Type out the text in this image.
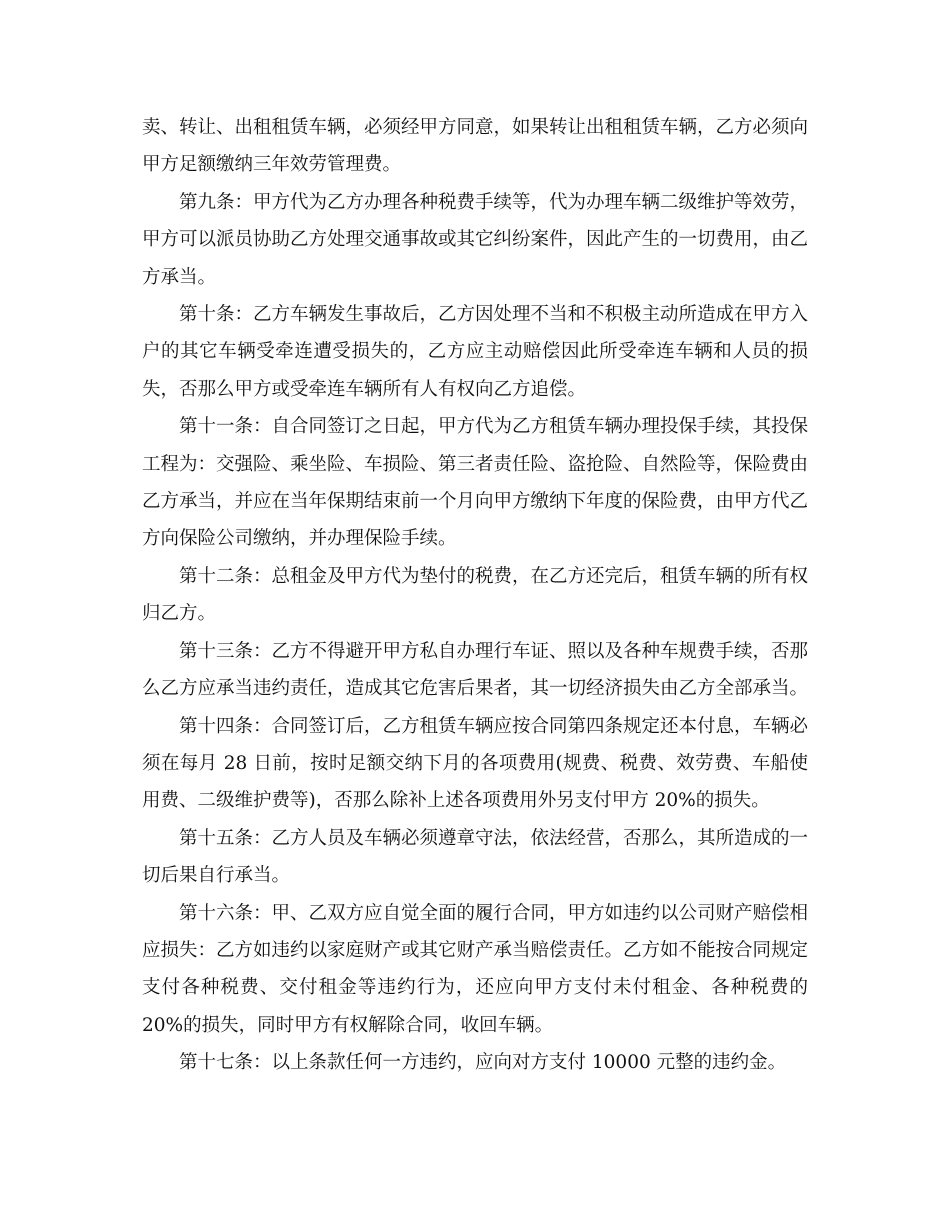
卖、转让、出租租赁车辆，必须经甲方同意，如果转让出租租赁车辆，乙方必须向甲方足额缴纳三年效劳管理费。

第九条：甲方代为乙方办理各种税费手续等，代为办理车辆二级维护等效劳，甲方可以派员协助乙方处理交通事故或其它纠纷案件，因此产生的一切费用，由乙方承当。

第十条：乙方车辆发生事故后，乙方因处理不当和不积极主动所造成在甲方入户的其它车辆受牵连遭受损失的，乙方应主动赔偿因此所受牵连车辆和人员的损失，否那么甲方或受牵连车辆所有人有权向乙方追偿。

第十一条：自合同签订之日起，甲方代为乙方租赁车辆办理投保手续，其投保工程为：交强险、乘坐险、车损险、第三者责任险、盗抢险、自然险等，保险费由乙方承当，并应在当年保期结束前一个月向甲方缴纳下年度的保险费，由甲方代乙方向保险公司缴纳，并办理保险手续。

第十二条：总租金及甲方代为垫付的税费，在乙方还完后，租赁车辆的所有权归乙方。

第十三条：乙方不得避开甲方私自办理行车证、照以及各种车规费手续，否那么乙方应承当违约责任，造成其它危害后果者，其一切经济损失由乙方全部承当。

第十四条：合同签订后，乙方租赁车辆应按合同第四条规定还本付息，车辆必须在每月 28 日前，按时足额交纳下月的各项费用(规费、税费、效劳费、车船使用费、二级维护费等)，否那么除补上述各项费用外另支付甲方 20%的损失。

第十五条：乙方人员及车辆必须遵章守法，依法经营，否那么，其所造成的一切后果自行承当。

第十六条：甲、乙双方应自觉全面的履行合同，甲方如违约以公司财产赔偿相应损失：乙方如违约以家庭财产或其它财产承当赔偿责任。乙方如不能按合同规定支付各种税费、交付租金等违约行为，还应向甲方支付未付租金、各种税费的 20%的损失，同时甲方有权解除合同，收回车辆。

第十七条：以上条款任何一方违约，应向对方支付 10000 元整的违约金。
